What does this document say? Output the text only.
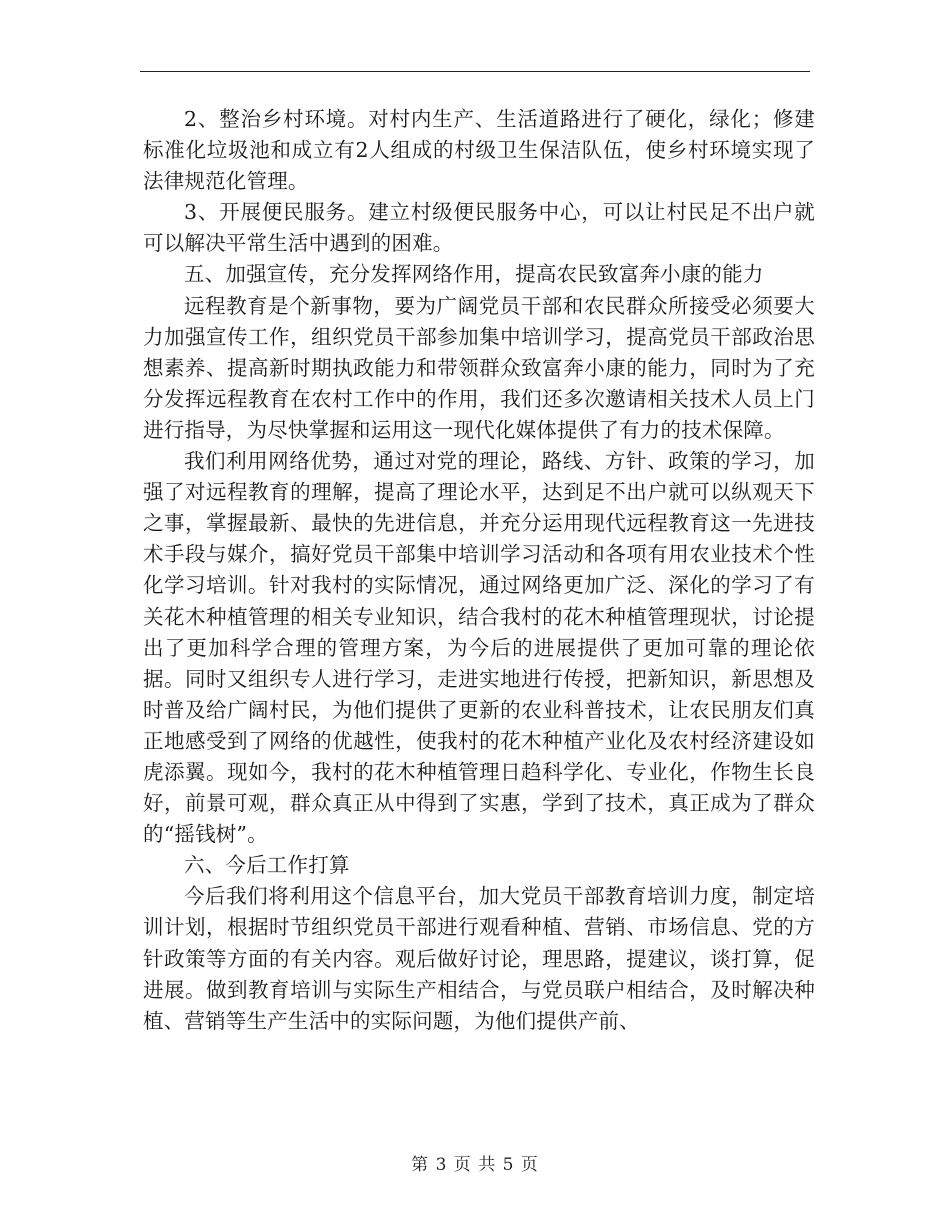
2、整治乡村环境。对村内生产、生活道路进行了硬化，绿化；修建标准化垃圾池和成立有2人组成的村级卫生保洁队伍，使乡村环境实现了法律规范化管理。

3、开展便民服务。建立村级便民服务中心，可以让村民足不出户就可以解决平常生活中遇到的困难。

五、加强宣传，充分发挥网络作用，提高农民致富奔小康的能力

远程教育是个新事物，要为广阔党员干部和农民群众所接受必须要大力加强宣传工作，组织党员干部参加集中培训学习，提高党员干部政治思想素养、提高新时期执政能力和带领群众致富奔小康的能力，同时为了充分发挥远程教育在农村工作中的作用，我们还多次邀请相关技术人员上门进行指导，为尽快掌握和运用这一现代化媒体提供了有力的技术保障。

我们利用网络优势，通过对党的理论，路线、方针、政策的学习，加强了对远程教育的理解，提高了理论水平，达到足不出户就可以纵观天下之事，掌握最新、最快的先进信息，并充分运用现代远程教育这一先进技术手段与媒介，搞好党员干部集中培训学习活动和各项有用农业技术个性化学习培训。针对我村的实际情况，通过网络更加广泛、深化的学习了有关花木种植管理的相关专业知识，结合我村的花木种植管理现状，讨论提出了更加科学合理的管理方案，为今后的进展提供了更加可靠的理论依据。同时又组织专人进行学习，走进实地进行传授，把新知识，新思想及时普及给广阔村民，为他们提供了更新的农业科普技术，让农民朋友们真正地感受到了网络的优越性，使我村的花木种植产业化及农村经济建设如虎添翼。现如今，我村的花木种植管理日趋科学化、专业化，作物生长良好，前景可观，群众真正从中得到了实惠，学到了技术，真正成为了群众的“摇钱树”。

六、今后工作打算

今后我们将利用这个信息平台，加大党员干部教育培训力度，制定培训计划，根据时节组织党员干部进行观看种植、营销、市场信息、党的方针政策等方面的有关内容。观后做好讨论，理思路，提建议，谈打算，促进展。做到教育培训与实际生产相结合，与党员联户相结合，及时解决种植、营销等生产生活中的实际问题，为他们提供产前、

第 3 页 共 5 页
